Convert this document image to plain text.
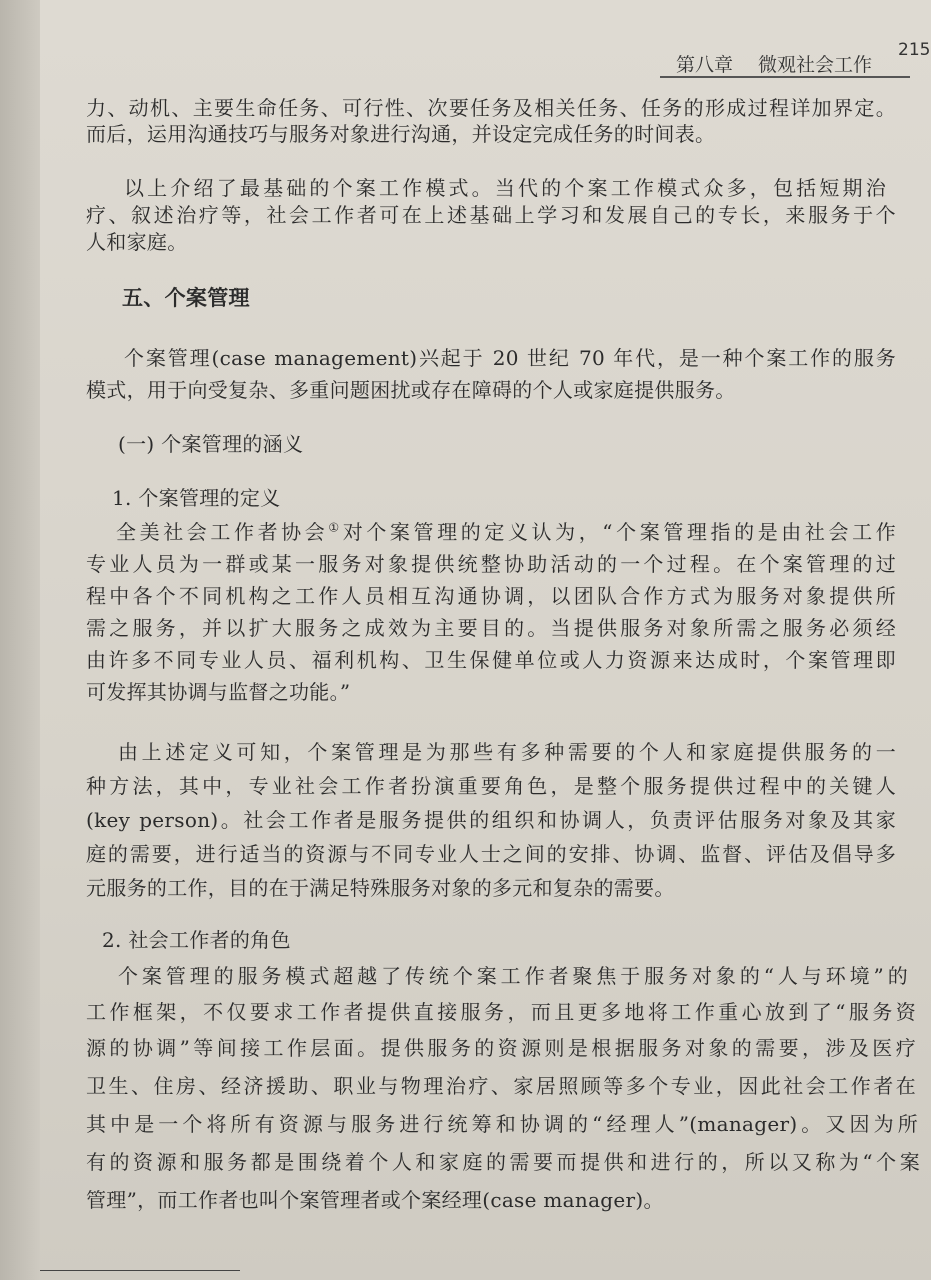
第八章 微观社会工作
215
力、动机、主要生命任务、可行性、次要任务及相关任务、任务的形成过程详加界定。
而后，运用沟通技巧与服务对象进行沟通，并设定完成任务的时间表。
以上介绍了最基础的个案工作模式。当代的个案工作模式众多，包括短期治
疗、叙述治疗等，社会工作者可在上述基础上学习和发展自己的专长，来服务于个
人和家庭。
五、个案管理
个案管理(case management)兴起于 20 世纪 70 年代，是一种个案工作的服务
模式，用于向受复杂、多重问题困扰或存在障碍的个人或家庭提供服务。
(一) 个案管理的涵义
1. 个案管理的定义
全美社会工作者协会①对个案管理的定义认为，“个案管理指的是由社会工作
专业人员为一群或某一服务对象提供统整协助活动的一个过程。在个案管理的过
程中各个不同机构之工作人员相互沟通协调，以团队合作方式为服务对象提供所
需之服务，并以扩大服务之成效为主要目的。当提供服务对象所需之服务必须经
由许多不同专业人员、福利机构、卫生保健单位或人力资源来达成时，个案管理即
可发挥其协调与监督之功能。”
由上述定义可知，个案管理是为那些有多种需要的个人和家庭提供服务的一
种方法，其中，专业社会工作者扮演重要角色，是整个服务提供过程中的关键人
(key person)。社会工作者是服务提供的组织和协调人，负责评估服务对象及其家
庭的需要，进行适当的资源与不同专业人士之间的安排、协调、监督、评估及倡导多
元服务的工作，目的在于满足特殊服务对象的多元和复杂的需要。
2. 社会工作者的角色
个案管理的服务模式超越了传统个案工作者聚焦于服务对象的“人与环境”的
工作框架，不仅要求工作者提供直接服务，而且更多地将工作重心放到了“服务资
源的协调”等间接工作层面。提供服务的资源则是根据服务对象的需要，涉及医疗
卫生、住房、经济援助、职业与物理治疗、家居照顾等多个专业，因此社会工作者在
其中是一个将所有资源与服务进行统筹和协调的“经理人”(manager)。又因为所
有的资源和服务都是围绕着个人和家庭的需要而提供和进行的，所以又称为“个案
管理”，而工作者也叫个案管理者或个案经理(case manager)。
